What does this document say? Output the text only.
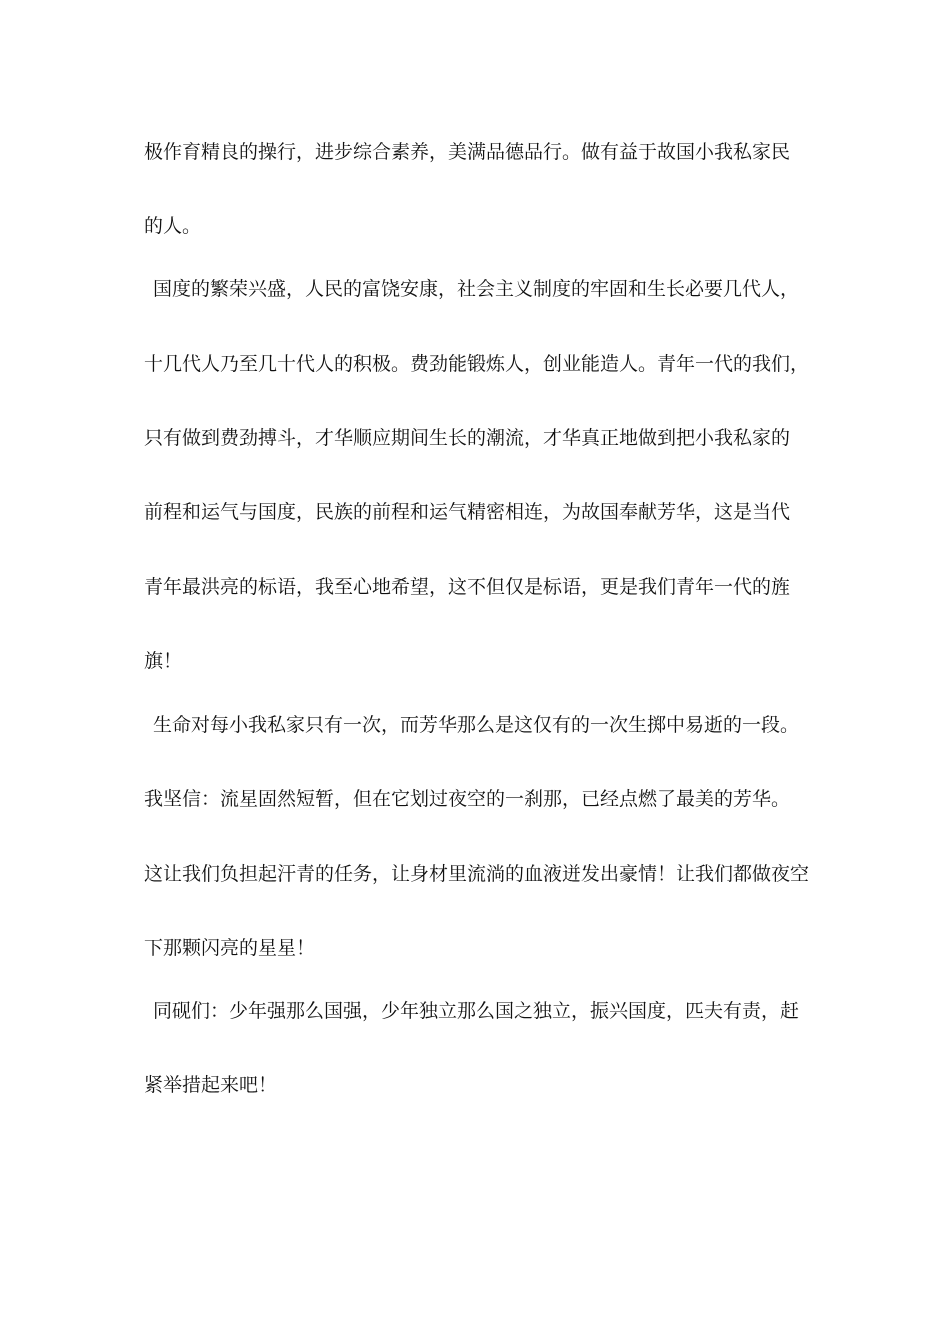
极作育精良的操行，进步综合素养，美满品德品行。做有益于故国小我私家民
的人。
国度的繁荣兴盛，人民的富饶安康，社会主义制度的牢固和生长必要几代人，
十几代人乃至几十代人的积极。费劲能锻炼人，创业能造人。青年一代的我们，
只有做到费劲搏斗，才华顺应期间生长的潮流，才华真正地做到把小我私家的
前程和运气与国度，民族的前程和运气精密相连，为故国奉献芳华，这是当代
青年最洪亮的标语，我至心地希望，这不但仅是标语，更是我们青年一代的旌
旗！
生命对每小我私家只有一次，而芳华那么是这仅有的一次生掷中易逝的一段。
我坚信：流星固然短暂，但在它划过夜空的一刹那，已经点燃了最美的芳华。
这让我们负担起汗青的任务，让身材里流淌的血液迸发出豪情！让我们都做夜空
下那颗闪亮的星星！
同砚们：少年强那么国强，少年独立那么国之独立，振兴国度，匹夫有责，赶
紧举措起来吧！
